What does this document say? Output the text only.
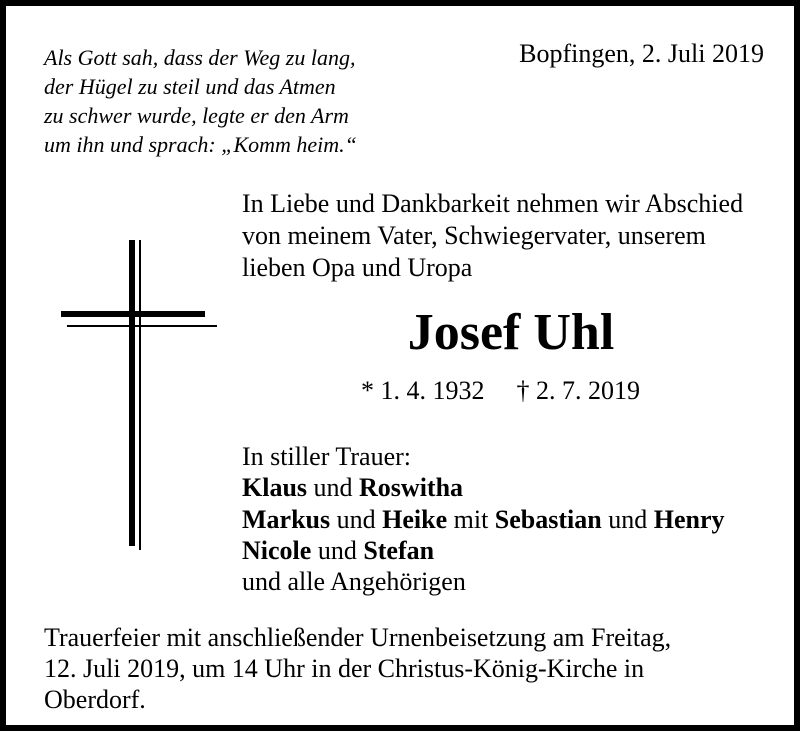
Als Gott sah, dass der Weg zu lang,
der Hügel zu steil und das Atmen
zu schwer wurde, legte er den Arm
um ihn und sprach: „Komm heim.“
Bopfingen, 2. Juli 2019
In Liebe und Dankbarkeit nehmen wir Abschied
von meinem Vater, Schwiegervater, unserem
lieben Opa und Uropa
Josef Uhl
* 1. 4. 1932 † 2. 7. 2019
In stiller Trauer:
Klaus und Roswitha
Markus und Heike mit Sebastian und Henry
Nicole und Stefan
und alle Angehörigen
Trauerfeier mit anschließender Urnenbeisetzung am Freitag,
12. Juli 2019, um 14 Uhr in der Christus-König-Kirche in
Oberdorf.
